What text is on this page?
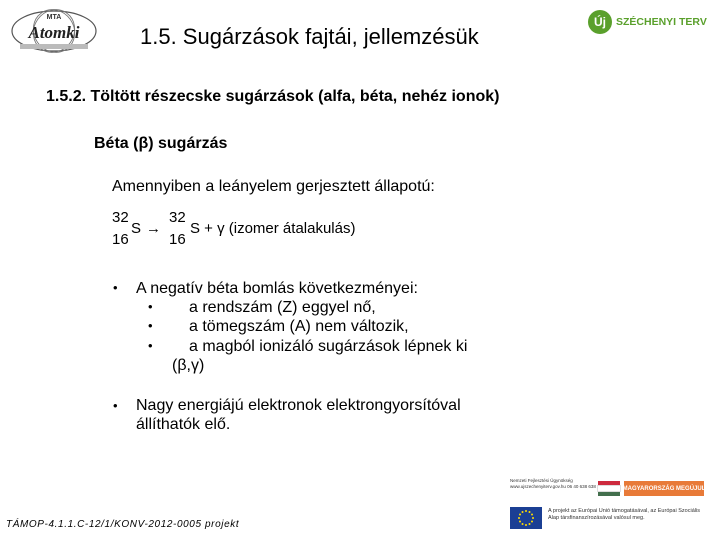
MTA
Atomki	1.5. Sugárzások fajtái, jellemzésük
Új SZÉCHENYI TERV
1.5.2. Töltött részecske sugárzások (alfa, béta, nehéz ionok)
Béta (β) sugárzás
Amennyiben a leányelem gerjesztett állapotú:
32
16
S →
32
16
S + γ (izomer átalakulás)
• A negatív béta bomlás következményei:
• a rendszám (Z) eggyel nő,
• a tömegszám (A) nem változik,
• a magból ionizáló sugárzások lépnek ki
(β,γ)
• Nagy energiájú elektronok elektrongyorsítóval
állíthatók elő.
TÁMOP-4.1.1.C-12/1/KONV-2012-0005 projekt
Nemzeti Fejlesztési Ügynökség www.ujszechenyiterv.gov.hu 06 40 638 638	MAGYARORSZÁG MEGÚJUL
A projekt az Európai Unió támogatásával, az Európai Szociális Alap társfinanszírozásával valósul meg.
